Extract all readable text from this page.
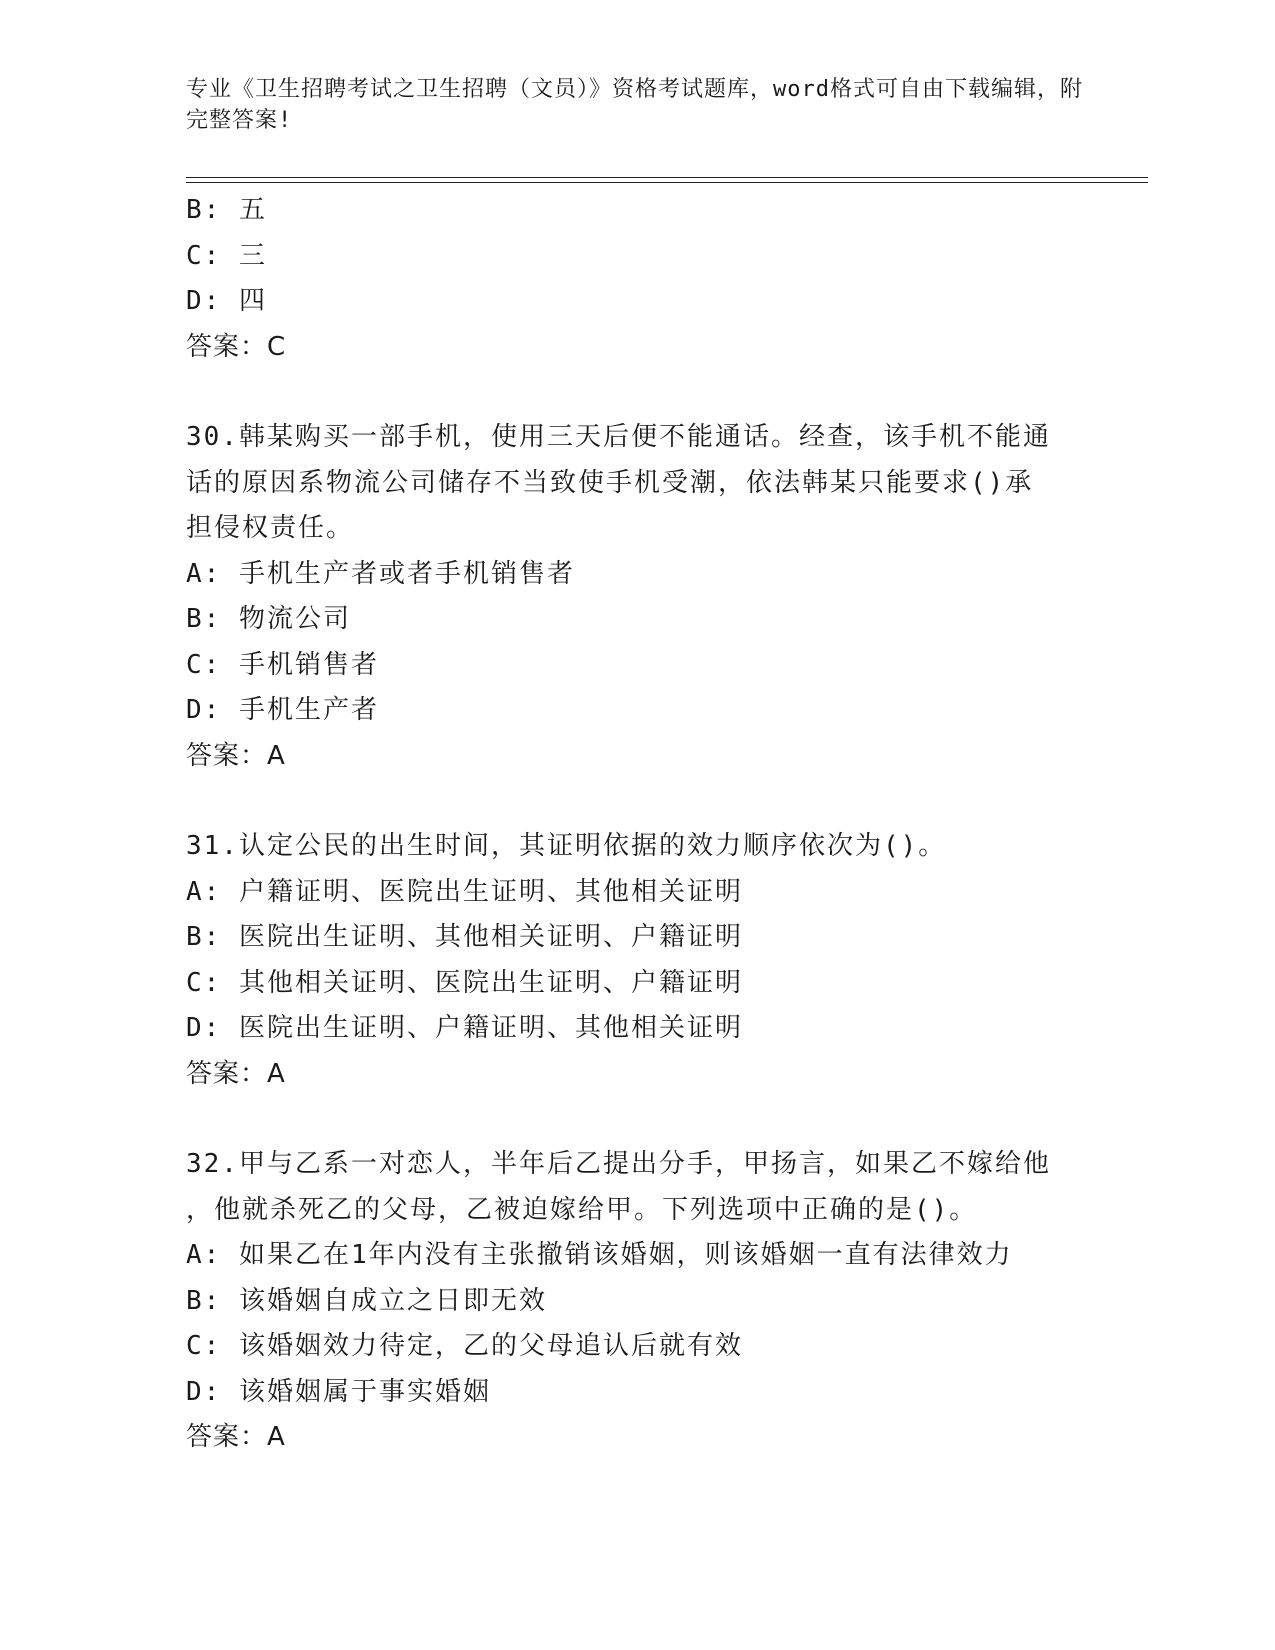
专业《卫生招聘考试之卫生招聘（文员）》资格考试题库，word格式可自由下载编辑，附完整答案!
B: 五
C: 三
D: 四
答案：C
30.韩某购买一部手机，使用三天后便不能通话。经查，该手机不能通
话的原因系物流公司储存不当致使手机受潮，依法韩某只能要求()承
担侵权责任。
A: 手机生产者或者手机销售者
B: 物流公司
C: 手机销售者
D: 手机生产者
答案：A
31.认定公民的出生时间，其证明依据的效力顺序依次为()。
A: 户籍证明、医院出生证明、其他相关证明
B: 医院出生证明、其他相关证明、户籍证明
C: 其他相关证明、医院出生证明、户籍证明
D: 医院出生证明、户籍证明、其他相关证明
答案：A
32.甲与乙系一对恋人，半年后乙提出分手，甲扬言，如果乙不嫁给他
，他就杀死乙的父母，乙被迫嫁给甲。下列选项中正确的是()。
A: 如果乙在1年内没有主张撤销该婚姻，则该婚姻一直有法律效力
B: 该婚姻自成立之日即无效
C: 该婚姻效力待定，乙的父母追认后就有效
D: 该婚姻属于事实婚姻
答案：A
